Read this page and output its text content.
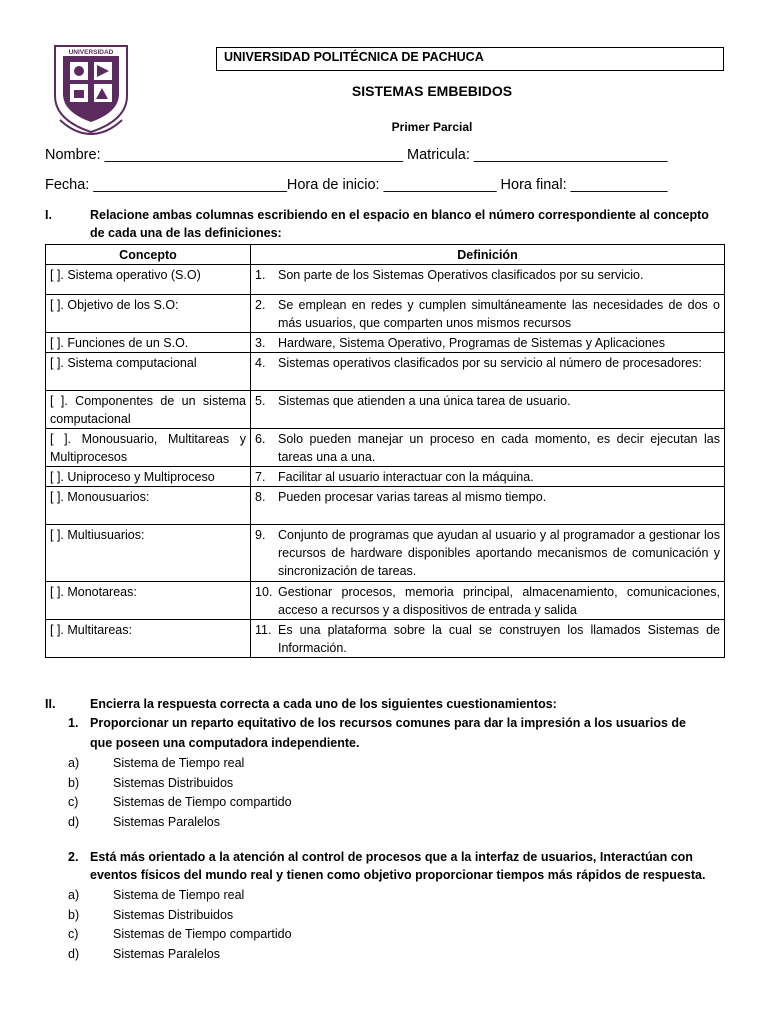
UNIVERSIDAD	UNIVERSIDAD POLITÉCNICA DE PACHUCA
SISTEMAS EMBEBIDOS
Primer Parcial
Nombre: _____________________________________ Matricula: ________________________
Fecha: ________________________Hora de inicio: ______________ Hora final: ____________
I.	Relacione ambas columnas escribiendo en el espacio en blanco el número correspondiente al concepto
de cada una de las definiciones:
Concepto	Definición
[ ]. Sistema operativo (S.O)	1. Son parte de los Sistemas Operativos clasificados por su servicio.

[ ]. Objetivo de los S.O:	2. Se emplean en redes y cumplen simultáneamente las necesidades de dos o más usuarios, que comparten unos mismos recursos

[ ]. Funciones de un S.O.	3. Hardware, Sistema Operativo, Programas de Sistemas y Aplicaciones

[ ]. Sistema computacional	4. Sistemas operativos clasificados por su servicio al número de procesadores:

[ ]. Componentes de un sistema computacional	5. Sistemas que atienden a una única tarea de usuario.

[ ]. Monousuario, Multitareas y Multiprocesos	6. Solo pueden manejar un proceso en cada momento, es decir ejecutan las tareas una a una.

[ ]. Uniproceso y Multiproceso	7. Facilitar al usuario interactuar con la máquina.

[ ]. Monousuarios:	8. Pueden procesar varias tareas al mismo tiempo.

[ ]. Multiusuarios:	9. Conjunto de programas que ayudan al usuario y al programador a gestionar los recursos de hardware disponibles aportando mecanismos de comunicación y sincronización de tareas.

[ ]. Monotareas:	10. Gestionar procesos, memoria principal, almacenamiento, comunicaciones, acceso a recursos y a dispositivos de entrada y salida

[ ]. Multitareas:	11. Es una plataforma sobre la cual se construyen los llamados Sistemas de Información.
II.	Encierra la respuesta correcta a cada uno de los siguientes cuestionamientos:
1. Proporcionar un reparto equitativo de los recursos comunes para dar la impresión a los usuarios de
que poseen una computadora independiente.
a)	Sistema de Tiempo real
b)	Sistemas Distribuidos
c)	Sistemas de Tiempo compartido
d)	Sistemas Paralelos
2. Está más orientado a la atención al control de procesos que a la interfaz de usuarios, Interactúan con
eventos físicos del mundo real y tienen como objetivo proporcionar tiempos más rápidos de respuesta.
a)	Sistema de Tiempo real
b)	Sistemas Distribuidos
c)	Sistemas de Tiempo compartido
d)	Sistemas Paralelos
